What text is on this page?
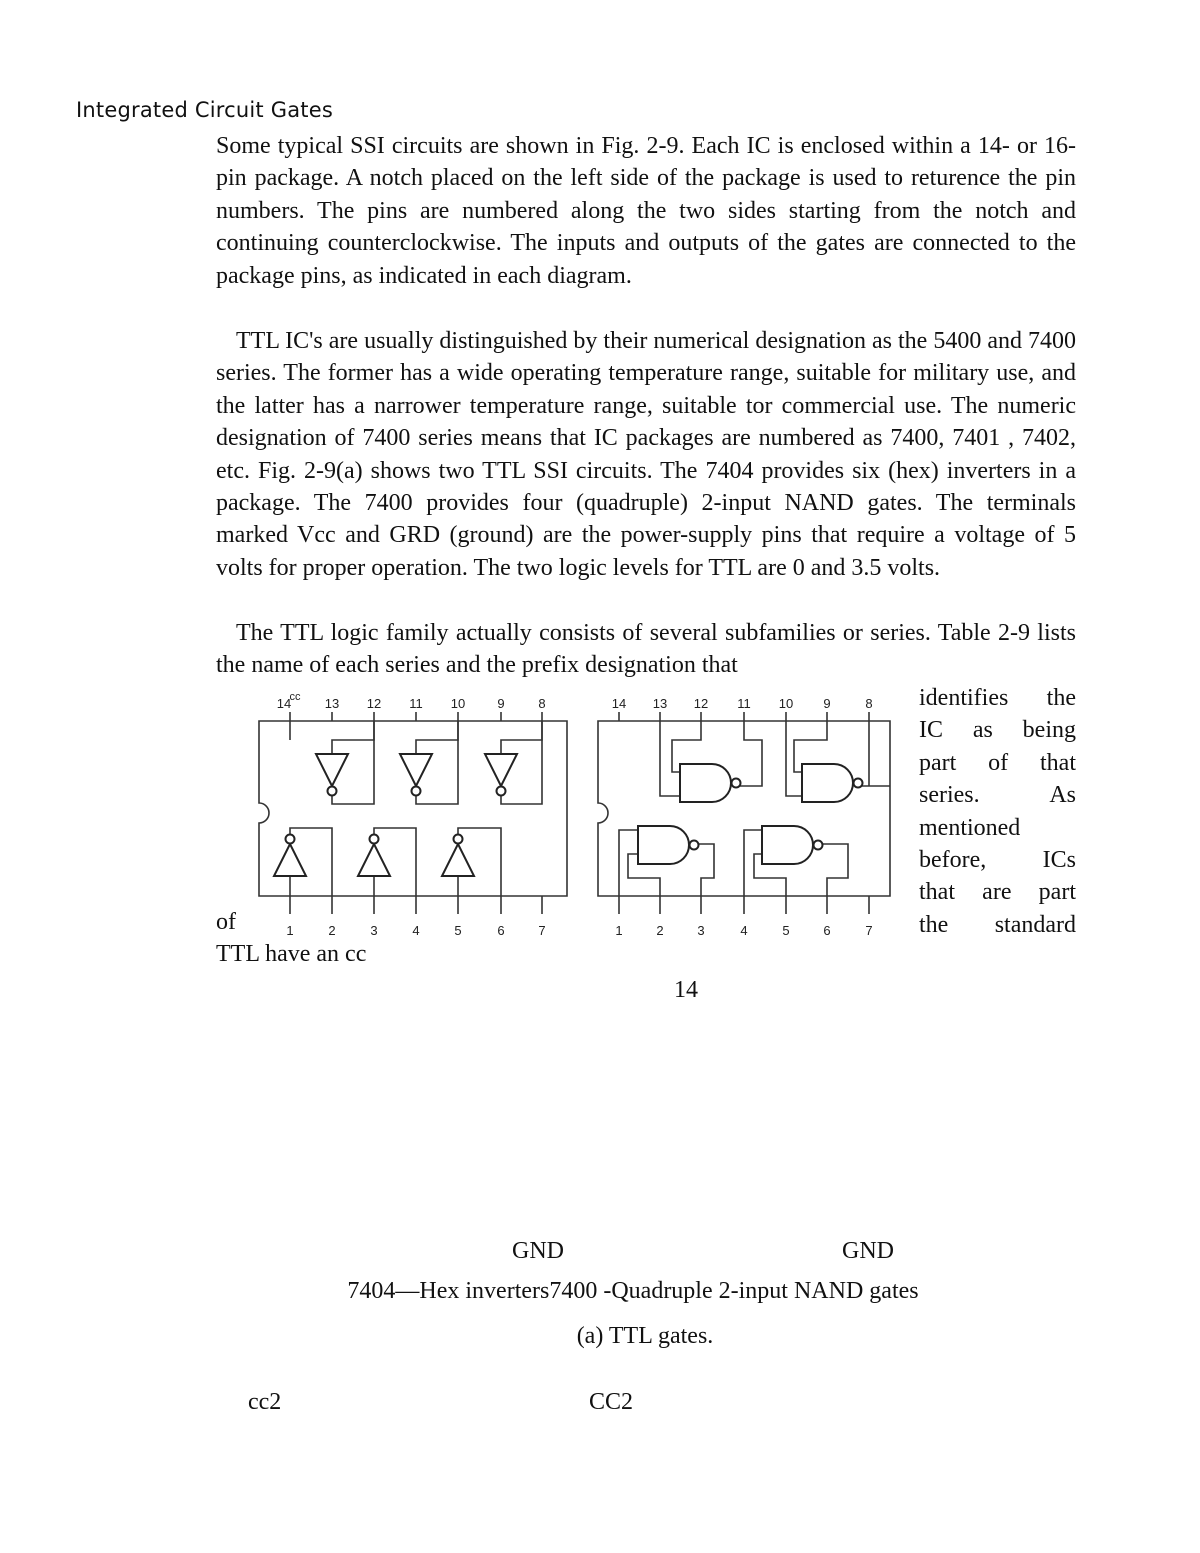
Integrated Circuit Gates

Some typical SSI circuits are shown in Fig. 2-9. Each IC is enclosed within a 14- or 16-pin package. A notch placed on the left side of the package is used to returence the pin numbers. The pins are numbered along the two sides starting from the notch and continuing counterclockwise. The inputs and outputs of the gates are connected to the package pins, as indicated in each diagram.

TTL IC's are usually distinguished by their numerical designation as the 5400 and 7400 series. The former has a wide operating temperature range, suitable for military use, and the latter has a narrower temperature range, suitable tor commercial use. The numeric designation of 7400 series means that IC packages are numbered as 7400, 7401 , 7402, etc. Fig. 2-9(a) shows two TTL SSI circuits. The 7404 provides six (hex) inverters in a package. The 7400 provides four (quadruple) 2-input NAND gates. The terminals marked Vcc and GRD (ground) are the power-supply pins that require a voltage of 5 volts for proper operation. The two logic levels for TTL are 0 and 3.5 volts.

The TTL logic family actually consists of several subfamilies or series. Table 2-9 lists the name of each series and the prefix designation that

identifies the
IC as being
part of that
series. As
mentioned
before, ICs
that are part
the standard
of
TTL have an cc
14
14
cc 13 12 11 10 9	8
1	2	3	4	5	6	7
14 13 12 11 10 9	8
1	2	3	4	5	6	7
GND	GND
7404—Hex inverters7400 -Quadruple 2-input NAND gates
(a) TTL gates.
cc2	CC2
